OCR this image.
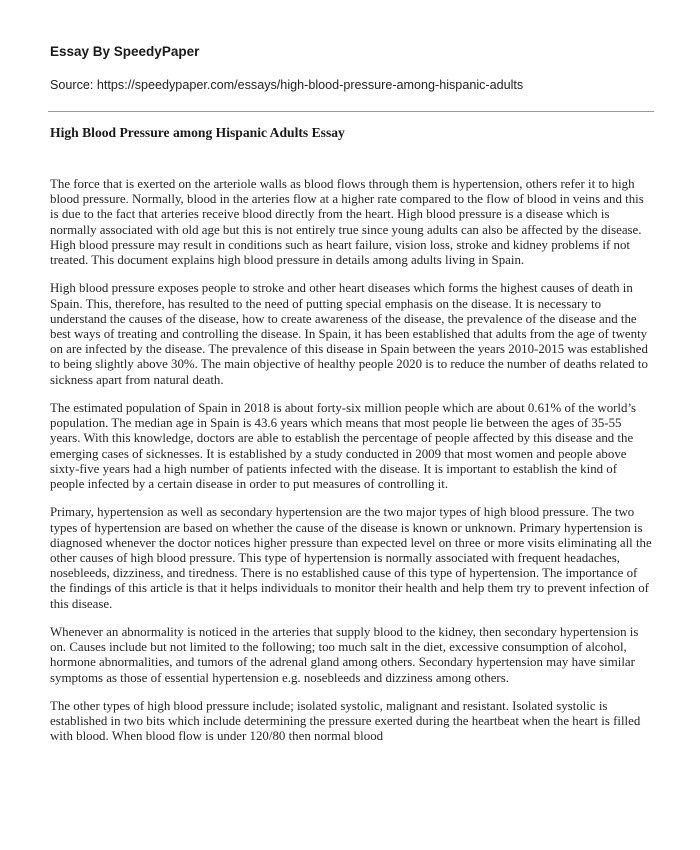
Essay By SpeedyPaper

Source: https://speedypaper.com/essays/high-blood-pressure-among-hispanic-adults

High Blood Pressure among Hispanic Adults Essay

The force that is exerted on the arteriole walls as blood flows through them is hypertension, others refer it to high blood pressure. Normally, blood in the arteries flow at a higher rate compared to the flow of blood in veins and this is due to the fact that arteries receive blood directly from the heart. High blood pressure is a disease which is normally associated with old age but this is not entirely true since young adults can also be affected by the disease. High blood pressure may result in conditions such as heart failure, vision loss, stroke and kidney problems if not treated. This document explains high blood pressure in details among adults living in Spain.

High blood pressure exposes people to stroke and other heart diseases which forms the highest causes of death in Spain. This, therefore, has resulted to the need of putting special emphasis on the disease. It is necessary to understand the causes of the disease, how to create awareness of the disease, the prevalence of the disease and the best ways of treating and controlling the disease. In Spain, it has been established that adults from the age of twenty on are infected by the disease. The prevalence of this disease in Spain between the years 2010-2015 was established to being slightly above 30%. The main objective of healthy people 2020 is to reduce the number of deaths related to sickness apart from natural death.

The estimated population of Spain in 2018 is about forty-six million people which are about 0.61% of the world’s population. The median age in Spain is 43.6 years which means that most people lie between the ages of 35-55 years. With this knowledge, doctors are able to establish the percentage of people affected by this disease and the emerging cases of sicknesses. It is established by a study conducted in 2009 that most women and people above sixty-five years had a high number of patients infected with the disease. It is important to establish the kind of people infected by a certain disease in order to put measures of controlling it.

Primary, hypertension as well as secondary hypertension are the two major types of high blood pressure. The two types of hypertension are based on whether the cause of the disease is known or unknown. Primary hypertension is diagnosed whenever the doctor notices higher pressure than expected level on three or more visits eliminating all the other causes of high blood pressure. This type of hypertension is normally associated with frequent headaches, nosebleeds, dizziness, and tiredness. There is no established cause of this type of hypertension. The importance of the findings of this article is that it helps individuals to monitor their health and help them try to prevent infection of this disease.

Whenever an abnormality is noticed in the arteries that supply blood to the kidney, then secondary hypertension is on. Causes include but not limited to the following; too much salt in the diet, excessive consumption of alcohol, hormone abnormalities, and tumors of the adrenal gland among others. Secondary hypertension may have similar symptoms as those of essential hypertension e.g. nosebleeds and dizziness among others.

The other types of high blood pressure include; isolated systolic, malignant and resistant. Isolated systolic is established in two bits which include determining the pressure exerted during the heartbeat when the heart is filled with blood. When blood flow is under 120/80 then normal blood
